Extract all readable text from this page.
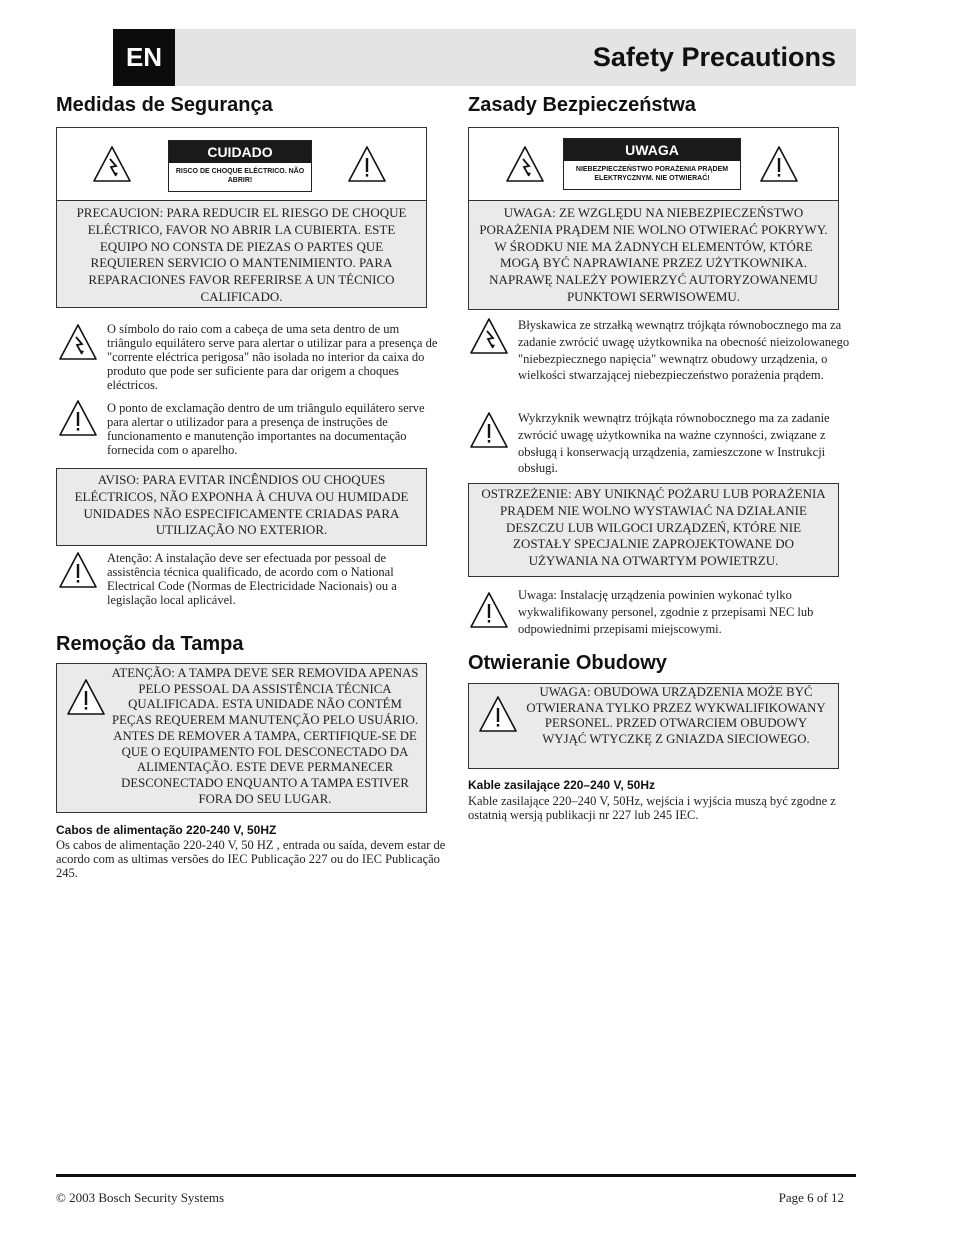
EN	Safety Precautions
Medidas de Segurança
CUIDADO
RISCO DE CHOQUE ELÉCTRICO. NÃO ABRIR!
PRECAUCION: PARA REDUCIR EL RIESGO DE CHOQUE ELÉCTRICO, FAVOR NO ABRIR LA CUBIERTA. ESTE EQUIPO NO CONSTA DE PIEZAS O PARTES QUE REQUIEREN SERVICIO O MANTENIMIENTO. PARA REPARACIONES FAVOR REFERIRSE A UN TÉCNICO CALIFICADO.
O símbolo do raio com a cabeça de uma seta dentro de um triângulo equilátero serve para alertar o utilizar para a presença de "corrente eléctrica perigosa" não isolada no interior da caixa do produto que pode ser suficiente para dar origem a choques eléctricos.
O ponto de exclamação dentro de um triângulo equilátero serve para alertar o utilizador para a presença de instruções de funcionamento e manutenção importantes na documentação fornecida com o aparelho.
AVISO: PARA EVITAR INCÊNDIOS OU CHOQUES ELÉCTRICOS, NÃO EXPONHA À CHUVA OU HUMIDADE UNIDADES NÃO ESPECIFICAMENTE CRIADAS PARA UTILIZAÇÃO NO EXTERIOR.
Atenção: A instalação deve ser efectuada por pessoal de assistência técnica qualificado, de acordo com o National Electrical Code (Normas de Electricidade Nacionais) ou a legislação local aplicável.
Remoção da Tampa
ATENÇÃO: A TAMPA DEVE SER REMOVIDA APENAS PELO PESSOAL DA ASSISTÊNCIA TÉCNICA QUALIFICADA. ESTA UNIDADE NÃO CONTÉM PEÇAS REQUEREM MANUTENÇÃO PELO USUÁRIO. ANTES DE REMOVER A TAMPA, CERTIFIQUE-SE DE QUE O EQUIPAMENTO FOL DESCONECTADO DA ALIMENTAÇÃO. ESTE DEVE PERMANECER DESCONECTADO ENQUANTO A TAMPA ESTIVER FORA DO SEU LUGAR.
Cabos de alimentação 220-240 V, 50HZ
Os cabos de alimentação 220-240 V, 50 HZ , entrada ou saída, devem estar de acordo com as ultimas versões do IEC Publicação 227 ou do IEC Publicação 245.
Zasady Bezpieczeństwa
UWAGA
NIEBEZPIECZEŃSTWO PORAŻENIA PRĄDEM ELEKTRYCZNYM. NIE OTWIERAĆ!
UWAGA: ZE WZGLĘDU NA NIEBEZPIECZEŃSTWO PORAŻENIA PRĄDEM NIE WOLNO OTWIERAĆ POKRYWY. W ŚRODKU NIE MA ŻADNYCH ELEMENTÓW, KTÓRE MOGĄ BYĆ NAPRAWIANE PRZEZ UŻYTKOWNIKA. NAPRAWĘ NALEŻY POWIERZYĆ AUTORYZOWANEMU PUNKTOWI SERWISOWEMU.
Błyskawica ze strzałką wewnątrz trójkąta równobocznego ma za zadanie zwrócić uwagę użytkownika na obecność nieizolowanego "niebezpiecznego napięcia" wewnątrz obudowy urządzenia, o wielkości stwarzającej niebezpieczeństwo porażenia prądem.
Wykrzyknik wewnątrz trójkąta równobocznego ma za zadanie zwrócić uwagę użytkownika na ważne czynności, związane z obsługą i konserwacją urządzenia, zamieszczone w Instrukcji obsługi.
OSTRZEŻENIE: ABY UNIKNĄĆ POŻARU LUB PORAŻENIA PRĄDEM NIE WOLNO WYSTAWIAĆ NA DZIAŁANIE DESZCZU LUB WILGOCI URZĄDZEŃ, KTÓRE NIE ZOSTAŁY SPECJALNIE ZAPROJEKTOWANE DO UŻYWANIA NA OTWARTYM POWIETRZU.
Uwaga: Instalację urządzenia powinien wykonać tylko wykwalifikowany personel, zgodnie z przepisami NEC lub odpowiednimi przepisami miejscowymi.
Otwieranie Obudowy
UWAGA: OBUDOWA URZĄDZENIA MOŻE BYĆ OTWIERANA TYLKO PRZEZ WYKWALIFIKOWANY PERSONEL. PRZED OTWARCIEM OBUDOWY WYJĄĆ WTYCZKĘ Z GNIAZDA SIECIOWEGO.
Kable zasilające 220–240 V, 50Hz
Kable zasilające 220–240 V, 50Hz, wejścia i wyjścia muszą być zgodne z ostatnią wersją publikacji nr 227 lub 245 IEC.
© 2003 Bosch Security Systems	Page 6 of 12
